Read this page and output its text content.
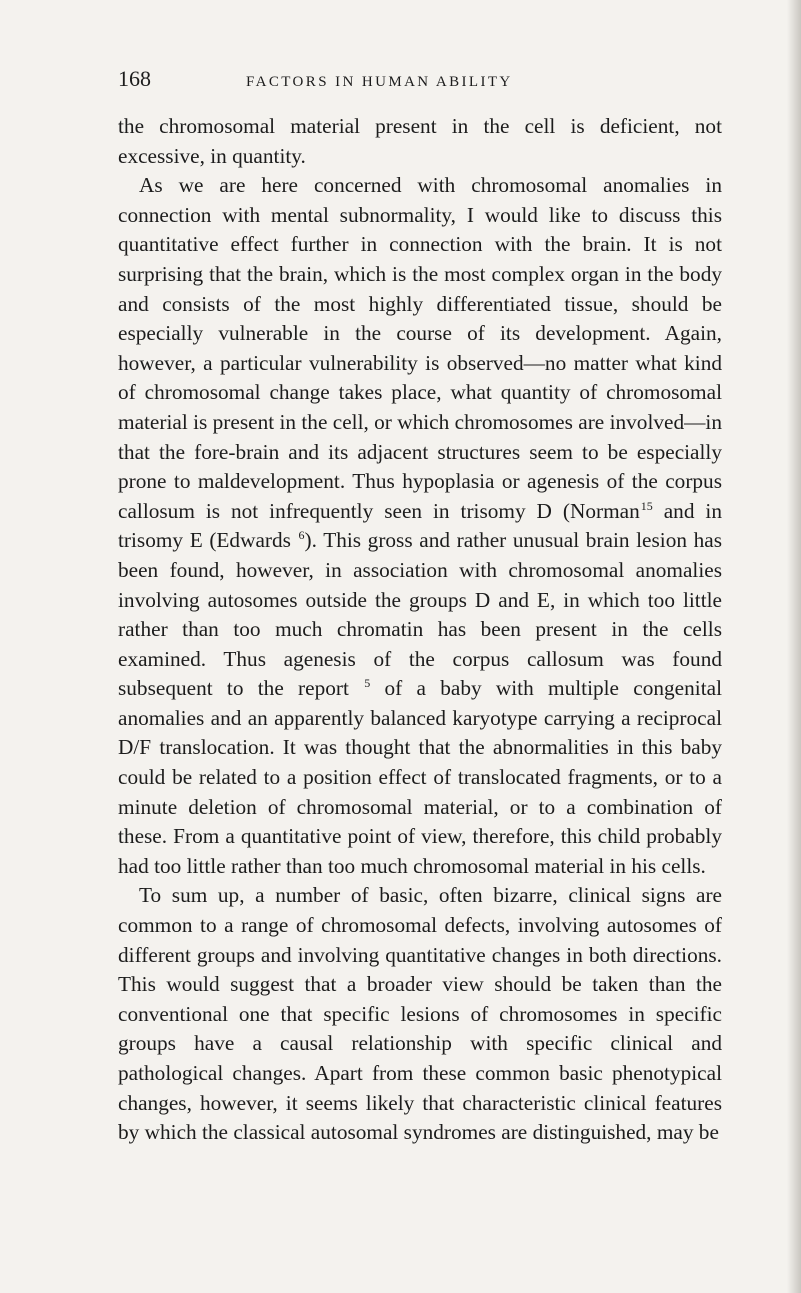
168	FACTORS IN HUMAN ABILITY

the chromosomal material present in the cell is deficient, not excessive, in quantity.

As we are here concerned with chromosomal anomalies in connection with mental subnormality, I would like to discuss this quantitative effect further in connection with the brain. It is not surprising that the brain, which is the most complex organ in the body and consists of the most highly differentiated tissue, should be especially vulnerable in the course of its development. Again, however, a particular vulnerability is observed—no matter what kind of chromosomal change takes place, what quantity of chromosomal material is present in the cell, or which chromosomes are involved—in that the fore-brain and its adjacent structures seem to be especially prone to maldevelopment. Thus hypoplasia or agenesis of the corpus callosum is not infrequently seen in trisomy D (Norman$^{15}$ and in trisomy E (Edwards $^6$). This gross and rather unusual brain lesion has been found, however, in association with chromosomal anomalies involving autosomes outside the groups D and E, in which too little rather than too much chromatin has been present in the cells examined. Thus agenesis of the corpus callosum was found subsequent to the report $^5$ of a baby with multiple congenital anomalies and an apparently balanced karyotype carrying a reciprocal D/F translocation. It was thought that the abnormalities in this baby could be related to a position effect of translocated fragments, or to a minute deletion of chromosomal material, or to a combination of these. From a quantitative point of view, therefore, this child probably had too little rather than too much chromosomal material in his cells.

To sum up, a number of basic, often bizarre, clinical signs are common to a range of chromosomal defects, involving autosomes of different groups and involving quantitative changes in both directions. This would suggest that a broader view should be taken than the conventional one that specific lesions of chromosomes in specific groups have a causal relationship with specific clinical and pathological changes. Apart from these common basic phenotypical changes, however, it seems likely that characteristic clinical features by which the classical autosomal syndromes are distinguished, may be
